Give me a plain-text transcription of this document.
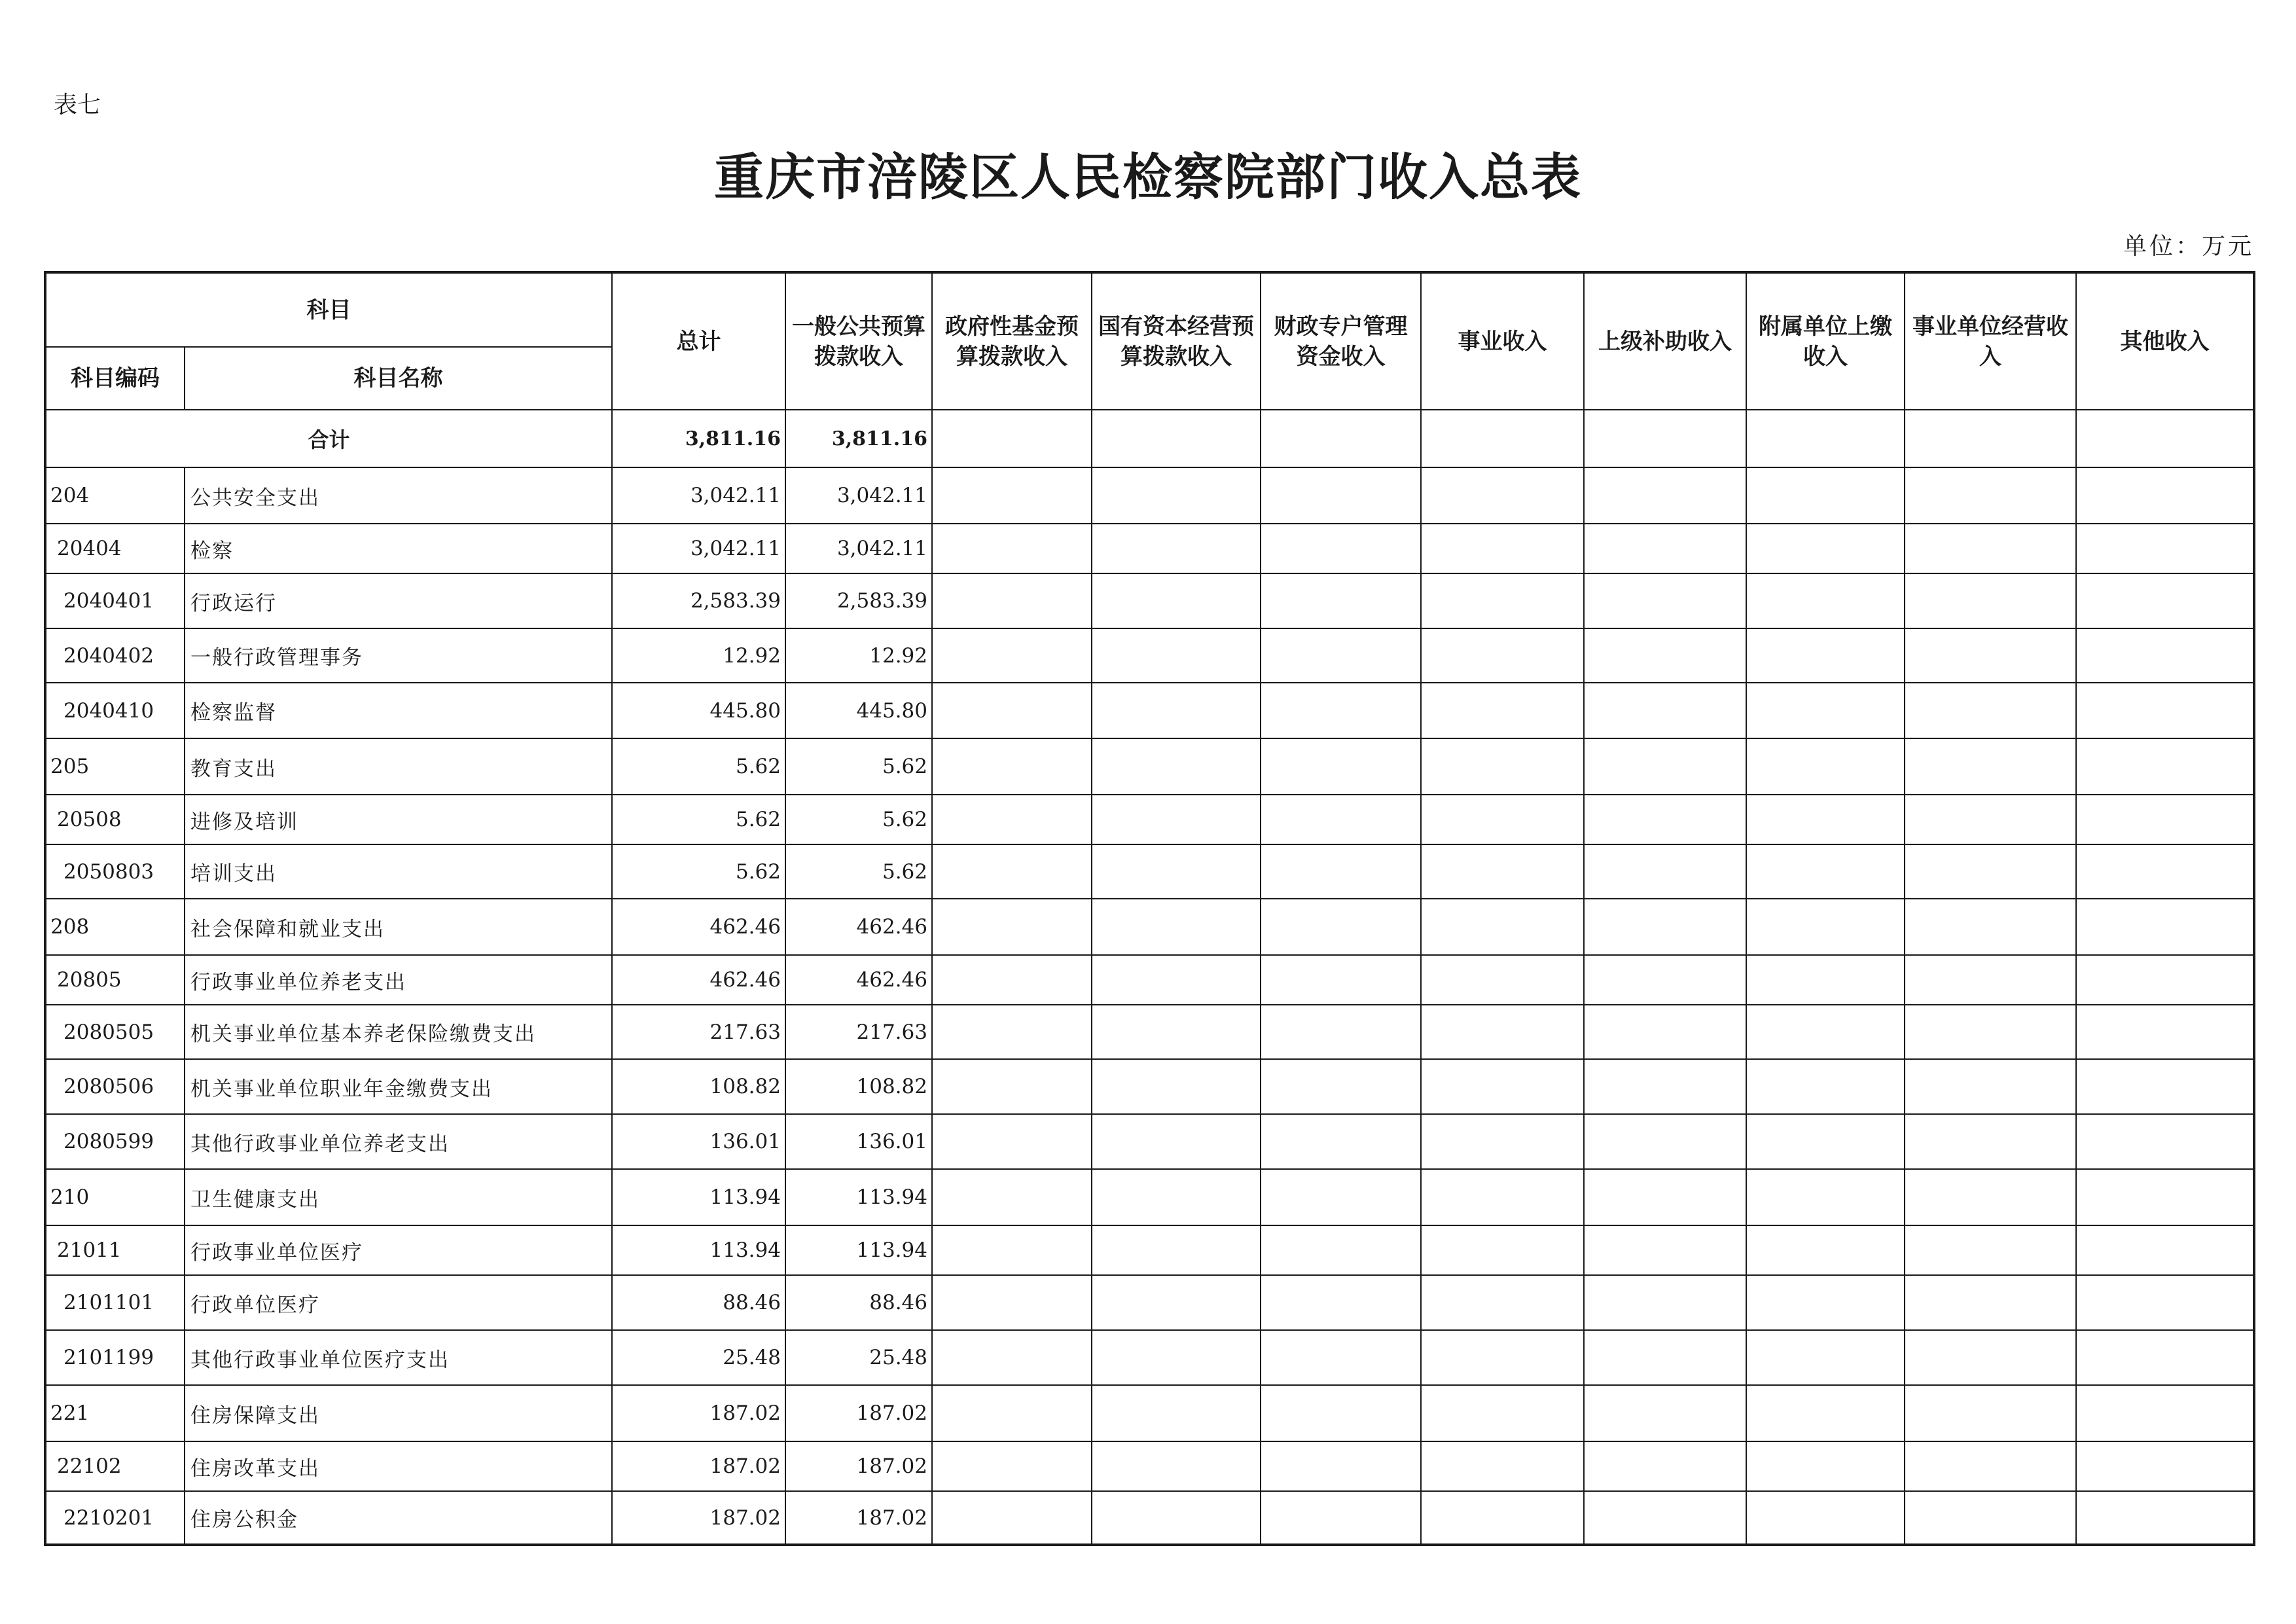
表七
重庆市涪陵区人民检察院部门收入总表
单位：万元
科目		总计	一般公共预算拨款收入	政府性基金预算拨款收入	国有资本经营预算拨款收入	财政专户管理资金收入	事业收入	上级补助收入	附属单位上缴收入	事业单位经营收入	其他收入
科目编码	科目名称										
合计		3,811.16	3,811.16								
204	公共安全支出	3,042.11	3,042.11								
20404	检察	3,042.11	3,042.11								
2040401	行政运行	2,583.39	2,583.39								
2040402	一般行政管理事务	12.92	12.92								
2040410	检察监督	445.80	445.80								
205	教育支出	5.62	5.62								
20508	进修及培训	5.62	5.62								
2050803	培训支出	5.62	5.62								
208	社会保障和就业支出	462.46	462.46								
20805	行政事业单位养老支出	462.46	462.46								
2080505	机关事业单位基本养老保险缴费支出	217.63	217.63								
2080506	机关事业单位职业年金缴费支出	108.82	108.82								
2080599	其他行政事业单位养老支出	136.01	136.01								
210	卫生健康支出	113.94	113.94								
21011	行政事业单位医疗	113.94	113.94								
2101101	行政单位医疗	88.46	88.46								
2101199	其他行政事业单位医疗支出	25.48	25.48								
221	住房保障支出	187.02	187.02								
22102	住房改革支出	187.02	187.02								
2210201	住房公积金	187.02	187.02								
